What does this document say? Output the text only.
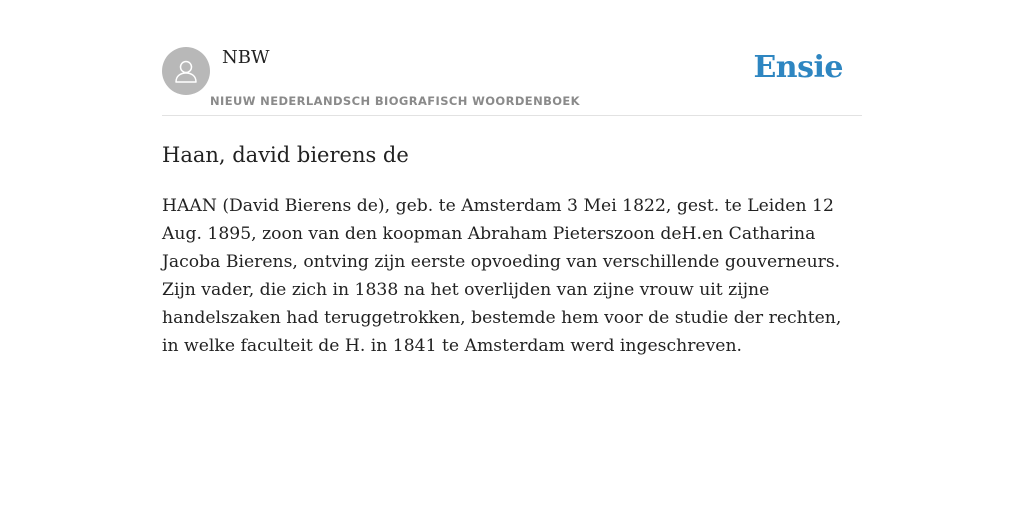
NBW
NIEUW NEDERLANDSCH BIOGRAFISCH WOORDENBOEK
Ensie
Haan, david bierens de

HAAN (David Bierens de), geb. te Amsterdam 3 Mei 1822, gest. te Leiden 12 Aug. 1895, zoon van den koopman Abraham Pieterszoon deH.en Catharina Jacoba Bierens, ontving zijn eerste opvoeding van verschillende gouverneurs. Zijn vader, die zich in 1838 na het overlijden van zijne vrouw uit zijne handelszaken had teruggetrokken, bestemde hem voor de studie der rechten, in welke faculteit de H. in 1841 te Amsterdam werd ingeschreven.
